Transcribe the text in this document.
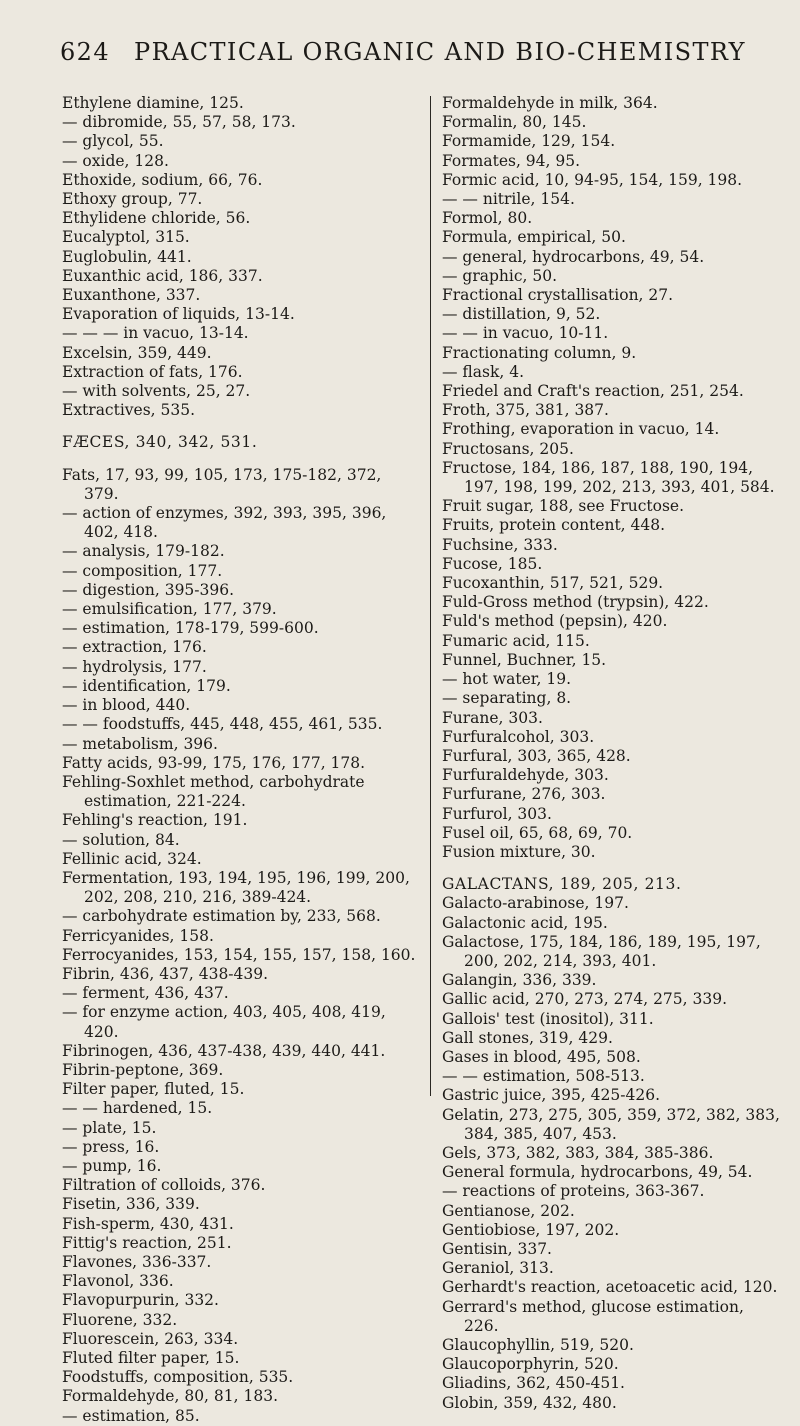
624 PRACTICAL ORGANIC AND BIO-CHEMISTRY
Ethylene diamine, 125.
— dibromide, 55, 57, 58, 173.
— glycol, 55.
— oxide, 128.
Ethoxide, sodium, 66, 76.
Ethoxy group, 77.
Ethylidene chloride, 56.
Eucalyptol, 315.
Euglobulin, 441.
Euxanthic acid, 186, 337.
Euxanthone, 337.
Evaporation of liquids, 13-14.
— — — in vacuo, 13-14.
Excelsin, 359, 449.
Extraction of fats, 176.
— with solvents, 25, 27.
Extractives, 535.
FÆCES, 340, 342, 531.
Fats, 17, 93, 99, 105, 173, 175-182, 372, 379.
— action of enzymes, 392, 393, 395, 396, 402, 418.
— analysis, 179-182.
— composition, 177.
— digestion, 395-396.
— emulsification, 177, 379.
— estimation, 178-179, 599-600.
— extraction, 176.
— hydrolysis, 177.
— identification, 179.
— in blood, 440.
— — foodstuffs, 445, 448, 455, 461, 535.
— metabolism, 396.
Fatty acids, 93-99, 175, 176, 177, 178.
Fehling-Soxhlet method, carbohydrate estimation, 221-224.
Fehling's reaction, 191.
— solution, 84.
Fellinic acid, 324.
Fermentation, 193, 194, 195, 196, 199, 200, 202, 208, 210, 216, 389-424.
— carbohydrate estimation by, 233, 568.
Ferricyanides, 158.
Ferrocyanides, 153, 154, 155, 157, 158, 160.
Fibrin, 436, 437, 438-439.
— ferment, 436, 437.
— for enzyme action, 403, 405, 408, 419, 420.
Fibrinogen, 436, 437-438, 439, 440, 441.
Fibrin-peptone, 369.
Filter paper, fluted, 15.
— — hardened, 15.
— plate, 15.
— press, 16.
— pump, 16.
Filtration of colloids, 376.
Fisetin, 336, 339.
Fish-sperm, 430, 431.
Fittig's reaction, 251.
Flavones, 336-337.
Flavonol, 336.
Flavopurpurin, 332.
Fluorene, 332.
Fluorescein, 263, 334.
Fluted filter paper, 15.
Foodstuffs, composition, 535.
Formaldehyde, 80, 81, 183.
— estimation, 85.
Formaldehyde in milk, 364.
Formalin, 80, 145.
Formamide, 129, 154.
Formates, 94, 95.
Formic acid, 10, 94-95, 154, 159, 198.
— — nitrile, 154.
Formol, 80.
Formula, empirical, 50.
— general, hydrocarbons, 49, 54.
— graphic, 50.
Fractional crystallisation, 27.
— distillation, 9, 52.
— — in vacuo, 10-11.
Fractionating column, 9.
— flask, 4.
Friedel and Craft's reaction, 251, 254.
Froth, 375, 381, 387.
Frothing, evaporation in vacuo, 14.
Fructosans, 205.
Fructose, 184, 186, 187, 188, 190, 194, 197, 198, 199, 202, 213, 393, 401, 584.
Fruit sugar, 188, see Fructose.
Fruits, protein content, 448.
Fuchsine, 333.
Fucose, 185.
Fucoxanthin, 517, 521, 529.
Fuld-Gross method (trypsin), 422.
Fuld's method (pepsin), 420.
Fumaric acid, 115.
Funnel, Buchner, 15.
— hot water, 19.
— separating, 8.
Furane, 303.
Furfuralcohol, 303.
Furfural, 303, 365, 428.
Furfuraldehyde, 303.
Furfurane, 276, 303.
Furfurol, 303.
Fusel oil, 65, 68, 69, 70.
Fusion mixture, 30.
GALACTANS, 189, 205, 213.
Galacto-arabinose, 197.
Galactonic acid, 195.
Galactose, 175, 184, 186, 189, 195, 197, 200, 202, 214, 393, 401.
Galangin, 336, 339.
Gallic acid, 270, 273, 274, 275, 339.
Gallois' test (inositol), 311.
Gall stones, 319, 429.
Gases in blood, 495, 508.
— — estimation, 508-513.
Gastric juice, 395, 425-426.
Gelatin, 273, 275, 305, 359, 372, 382, 383, 384, 385, 407, 453.
Gels, 373, 382, 383, 384, 385-386.
General formula, hydrocarbons, 49, 54.
— reactions of proteins, 363-367.
Gentianose, 202.
Gentiobiose, 197, 202.
Gentisin, 337.
Geraniol, 313.
Gerhardt's reaction, acetoacetic acid, 120.
Gerrard's method, glucose estimation, 226.
Glaucophyllin, 519, 520.
Glaucoporphyrin, 520.
Gliadins, 362, 450-451.
Globin, 359, 432, 480.
